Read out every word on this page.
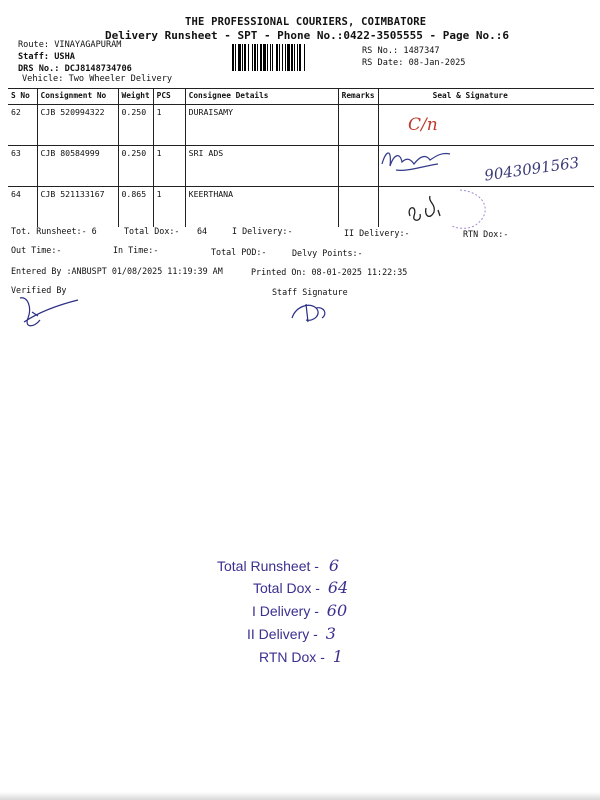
THE PROFESSIONAL COURIERS, COIMBATORE
Delivery Runsheet - SPT - Phone No.:0422-3505555 - Page No.:6
Route: VINAYAGAPURAM
Staff: USHA
DRS No.: DCJ8148734706
Vehicle: Two Wheeler Delivery
RS No.: 1487347
RS Date: 08-Jan-2025
S No	Consignment No	Weight	PCS	Consignee Details	Remarks	Seal & Signature
62	CJB 520994322	0.250	1	DURAISAMY		
63	CJB 80584999	0.250	1	SRI ADS		
64	CJB 521133167	0.865	1	KEERTHANA		
C/n
9043091563
Tot. Runsheet:- 6	Total Dox:- 64	I Delivery:-	II Delivery:-	RTN Dox:-
Out Time:-	In Time:-	Total POD:-	Delvy Points:-
Entered By :ANBUSPT 01/08/2025 11:19:39 AM	Printed On: 08-01-2025 11:22:35
Verified By	Staff Signature
Total Runsheet - 6
Total Dox - 64
I Delivery - 60
II Delivery - 3
RTN Dox - 1
